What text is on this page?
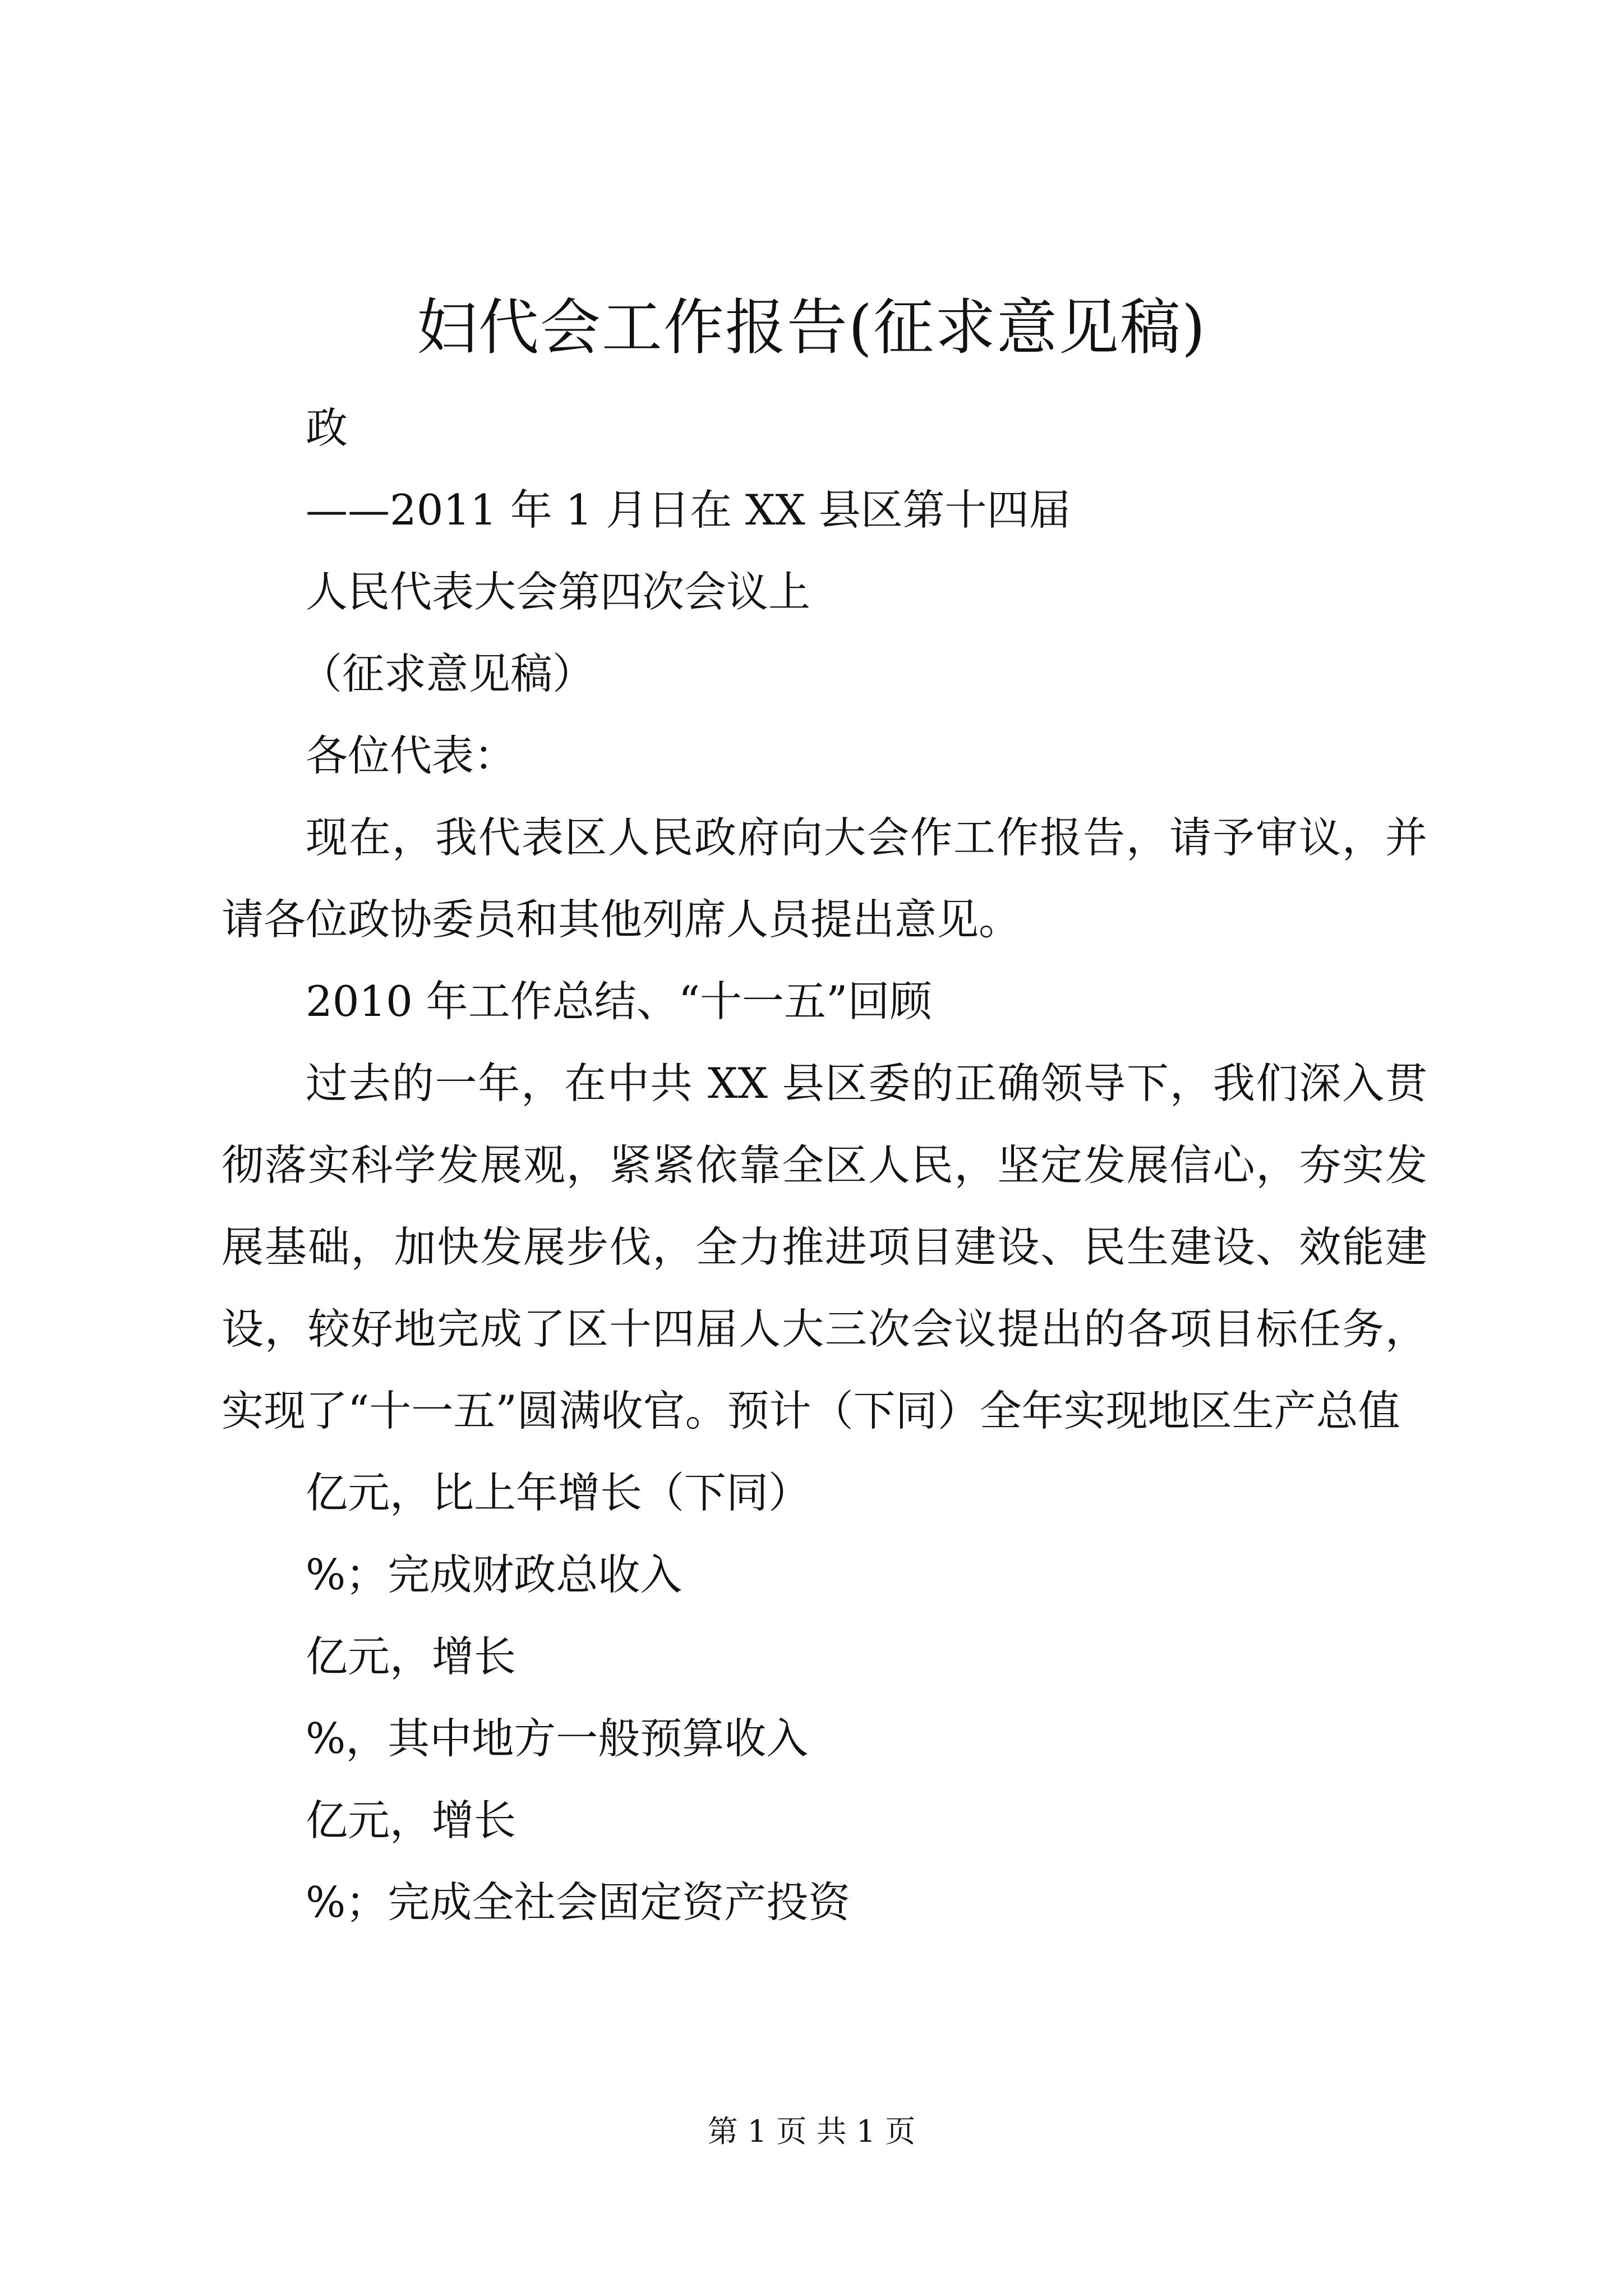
妇代会工作报告(征求意见稿)
政
——2011 年 1 月日在 XX 县区第十四届
人民代表大会第四次会议上
（征求意见稿）
各位代表：
现在，我代表区人民政府向大会作工作报告，请予审议，并请各位政协委员和其他列席人员提出意见。
2010 年工作总结、“十一五”回顾
过去的一年，在中共 XX 县区委的正确领导下，我们深入贯彻落实科学发展观，紧紧依靠全区人民，坚定发展信心，夯实发展基础，加快发展步伐，全力推进项目建设、民生建设、效能建设，较好地完成了区十四届人大三次会议提出的各项目标任务，实现了“十一五”圆满收官。预计（下同）全年实现地区生产总值
亿元，比上年增长（下同）
%；完成财政总收入
亿元，增长
%，其中地方一般预算收入
亿元，增长
%；完成全社会固定资产投资
第 1 页 共 1 页
